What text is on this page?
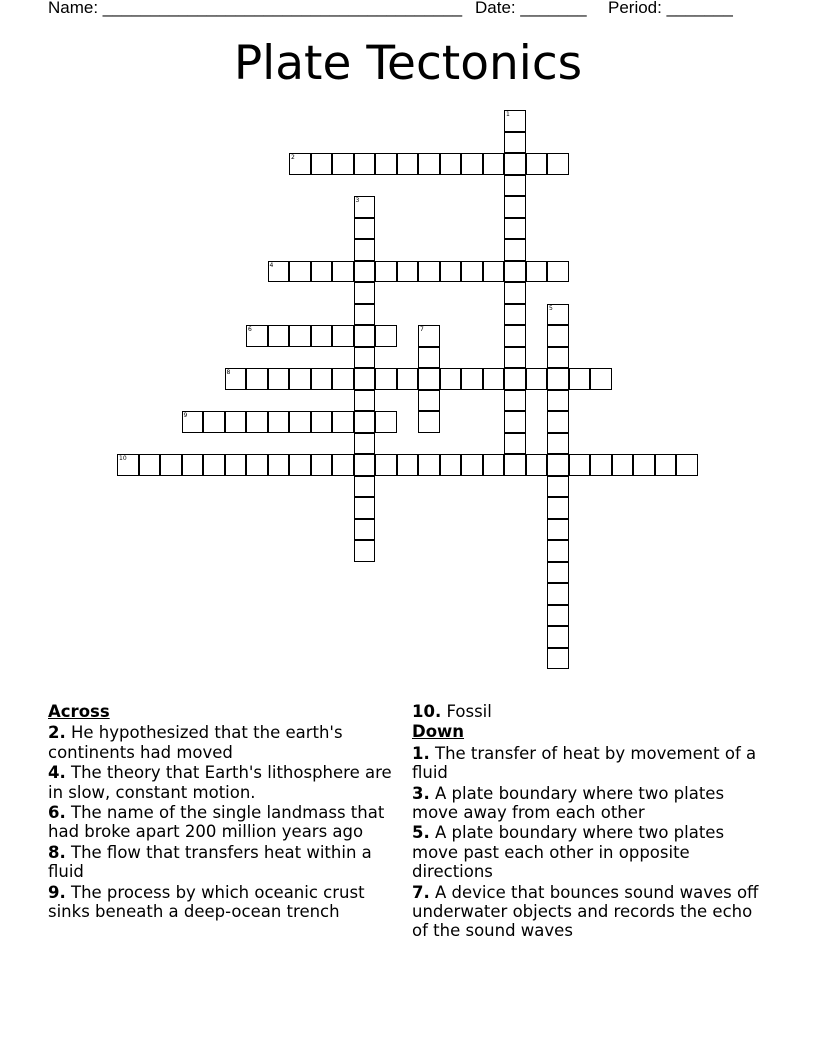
Name: ______________________________________ Date: _______ Period: _______
Plate Tectonics
1
2
3
4
5
6	7
8
9
10
Across
2. He hypothesized that the earth's continents had moved
4. The theory that Earth's lithosphere are in slow, constant motion.
6. The name of the single landmass that had broke apart 200 million years ago
8. The flow that transfers heat within a fluid
9. The process by which oceanic crust sinks beneath a deep-ocean trench
10. Fossil
Down
1. The transfer of heat by movement of a fluid
3. A plate boundary where two plates move away from each other
5. A plate boundary where two plates move past each other in opposite directions
7. A device that bounces sound waves off underwater objects and records the echo of the sound waves
